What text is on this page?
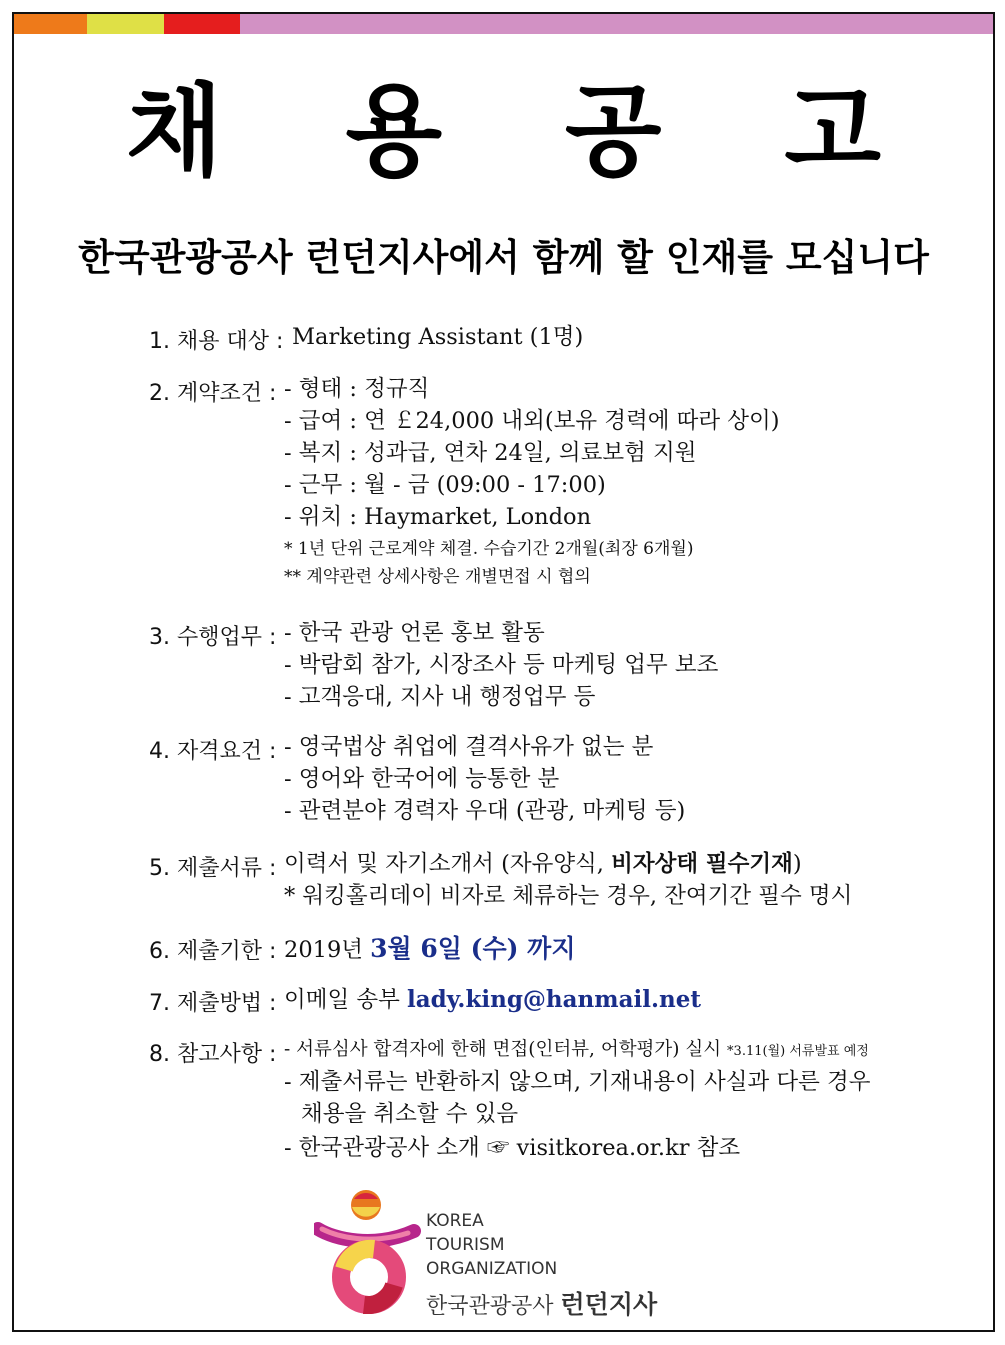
채 용 공 고
한국관광공사 런던지사에서 함께 할 인재를 모십니다
1. 채용 대상 : Marketing Assistant (1명)
2. 계약조건 : - 형태 : 정규직
- 급여 : 연 ￡24,000 내외(보유 경력에 따라 상이)
- 복지 : 성과급, 연차 24일, 의료보험 지원
- 근무 : 월 - 금 (09:00 - 17:00)
- 위치 : Haymarket, London
* 1년 단위 근로계약 체결. 수습기간 2개월(최장 6개월)
** 계약관련 상세사항은 개별면접 시 협의
3. 수행업무 : - 한국 관광 언론 홍보 활동
- 박람회 참가, 시장조사 등 마케팅 업무 보조
- 고객응대, 지사 내 행정업무 등
4. 자격요건 : - 영국법상 취업에 결격사유가 없는 분
- 영어와 한국어에 능통한 분
- 관련분야 경력자 우대 (관광, 마케팅 등)
5. 제출서류 : 이력서 및 자기소개서 (자유양식, 비자상태 필수기재)
* 워킹홀리데이 비자로 체류하는 경우, 잔여기간 필수 명시
6. 제출기한 : 2019년 3월 6일 (수) 까지
7. 제출방법 : 이메일 송부 lady.king@hanmail.net
8. 참고사항 : - 서류심사 합격자에 한해 면접(인터뷰, 어학평가) 실시 *3.11(월) 서류발표 예정
- 제출서류는 반환하지 않으며, 기재내용이 사실과 다른 경우
채용을 취소할 수 있음
- 한국관광공사 소개 ☞ visitkorea.or.kr 참조
KOREA
TOURISM
ORGANIZATION
한국관광공사 런던지사
